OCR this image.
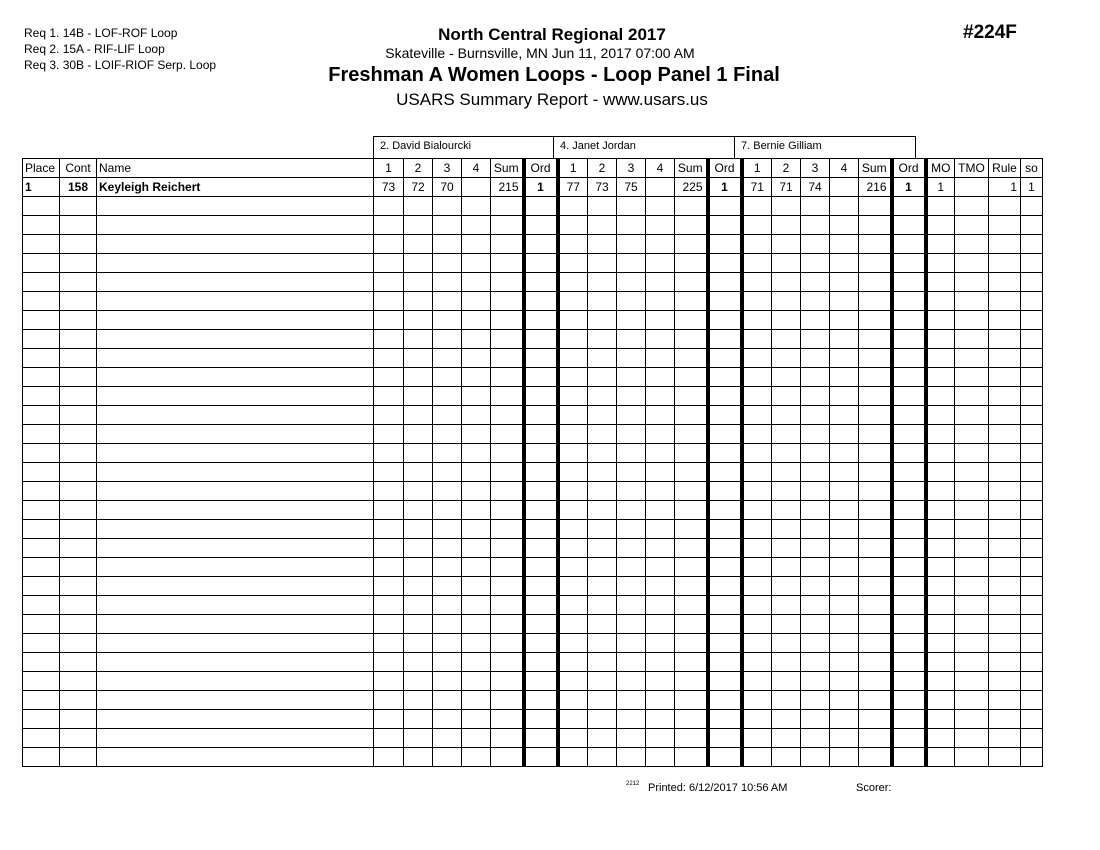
Req 1. 14B - LOF-ROF Loop
Req 2. 15A - RIF-LIF Loop
Req 3. 30B - LOIF-RIOF Serp. Loop
#224F
North Central Regional 2017
Skateville - Burnsville, MN Jun 11, 2017 07:00 AM
Freshman A Women Loops - Loop Panel 1 Final
USARS Summary Report - www.usars.us
2. David Bialourcki	4. Janet Jordan	7. Bernie Gilliam
Place	Cont	Name	1	2	3	4	Sum	Ord	1	2	3	4	Sum	Ord	1	2	3	4	Sum	Ord	MO	TMO	Rule	so
1	158	Keyleigh Reichert	73	72	70		215	1	77	73	75		225	1	71	71	74		216	1	1		1	1

2212 Printed: 6/12/2017 10:56 AM	Scorer:
